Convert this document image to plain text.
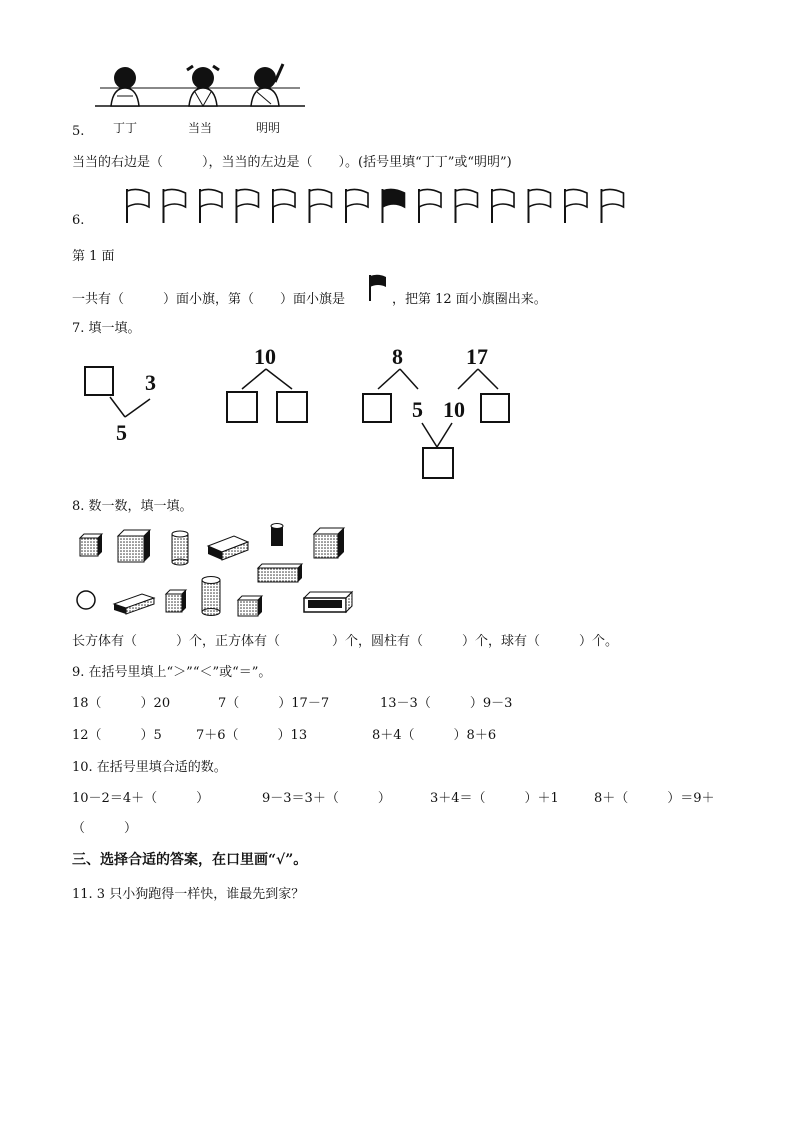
丁丁	当当	明明
5.
当当的右边是（　　　），当当的左边是（　　）。(括号里填“丁丁”或“明明”)
6.
第 1 面
一共有（　　　）面小旗，第（　　）面小旗是	，把第 12 面小旗圈出来。
7. 填一填。
3
5
10	8	17
5 10
8. 数一数，填一填。
长方体有（　　　）个，正方体有（　　　　）个，圆柱有（　　　）个，球有（　　　）个。
9. 在括号里填上“＞”“＜”或“＝”。
18（　　　）20	7（　　　）17－7	13－3（　　　）9－3
12（　　　）5	7＋6（　　　）13	8＋4（　　　）8＋6
10. 在括号里填合适的数。
10－2＝4＋（　　　）	9－3＝3＋（　　　）	3＋4＝（　　　）＋1	8＋（　　　）＝9＋
（　　　）
三、选择合适的答案，在口里画“√”。
11. 3 只小狗跑得一样快，谁最先到家？
